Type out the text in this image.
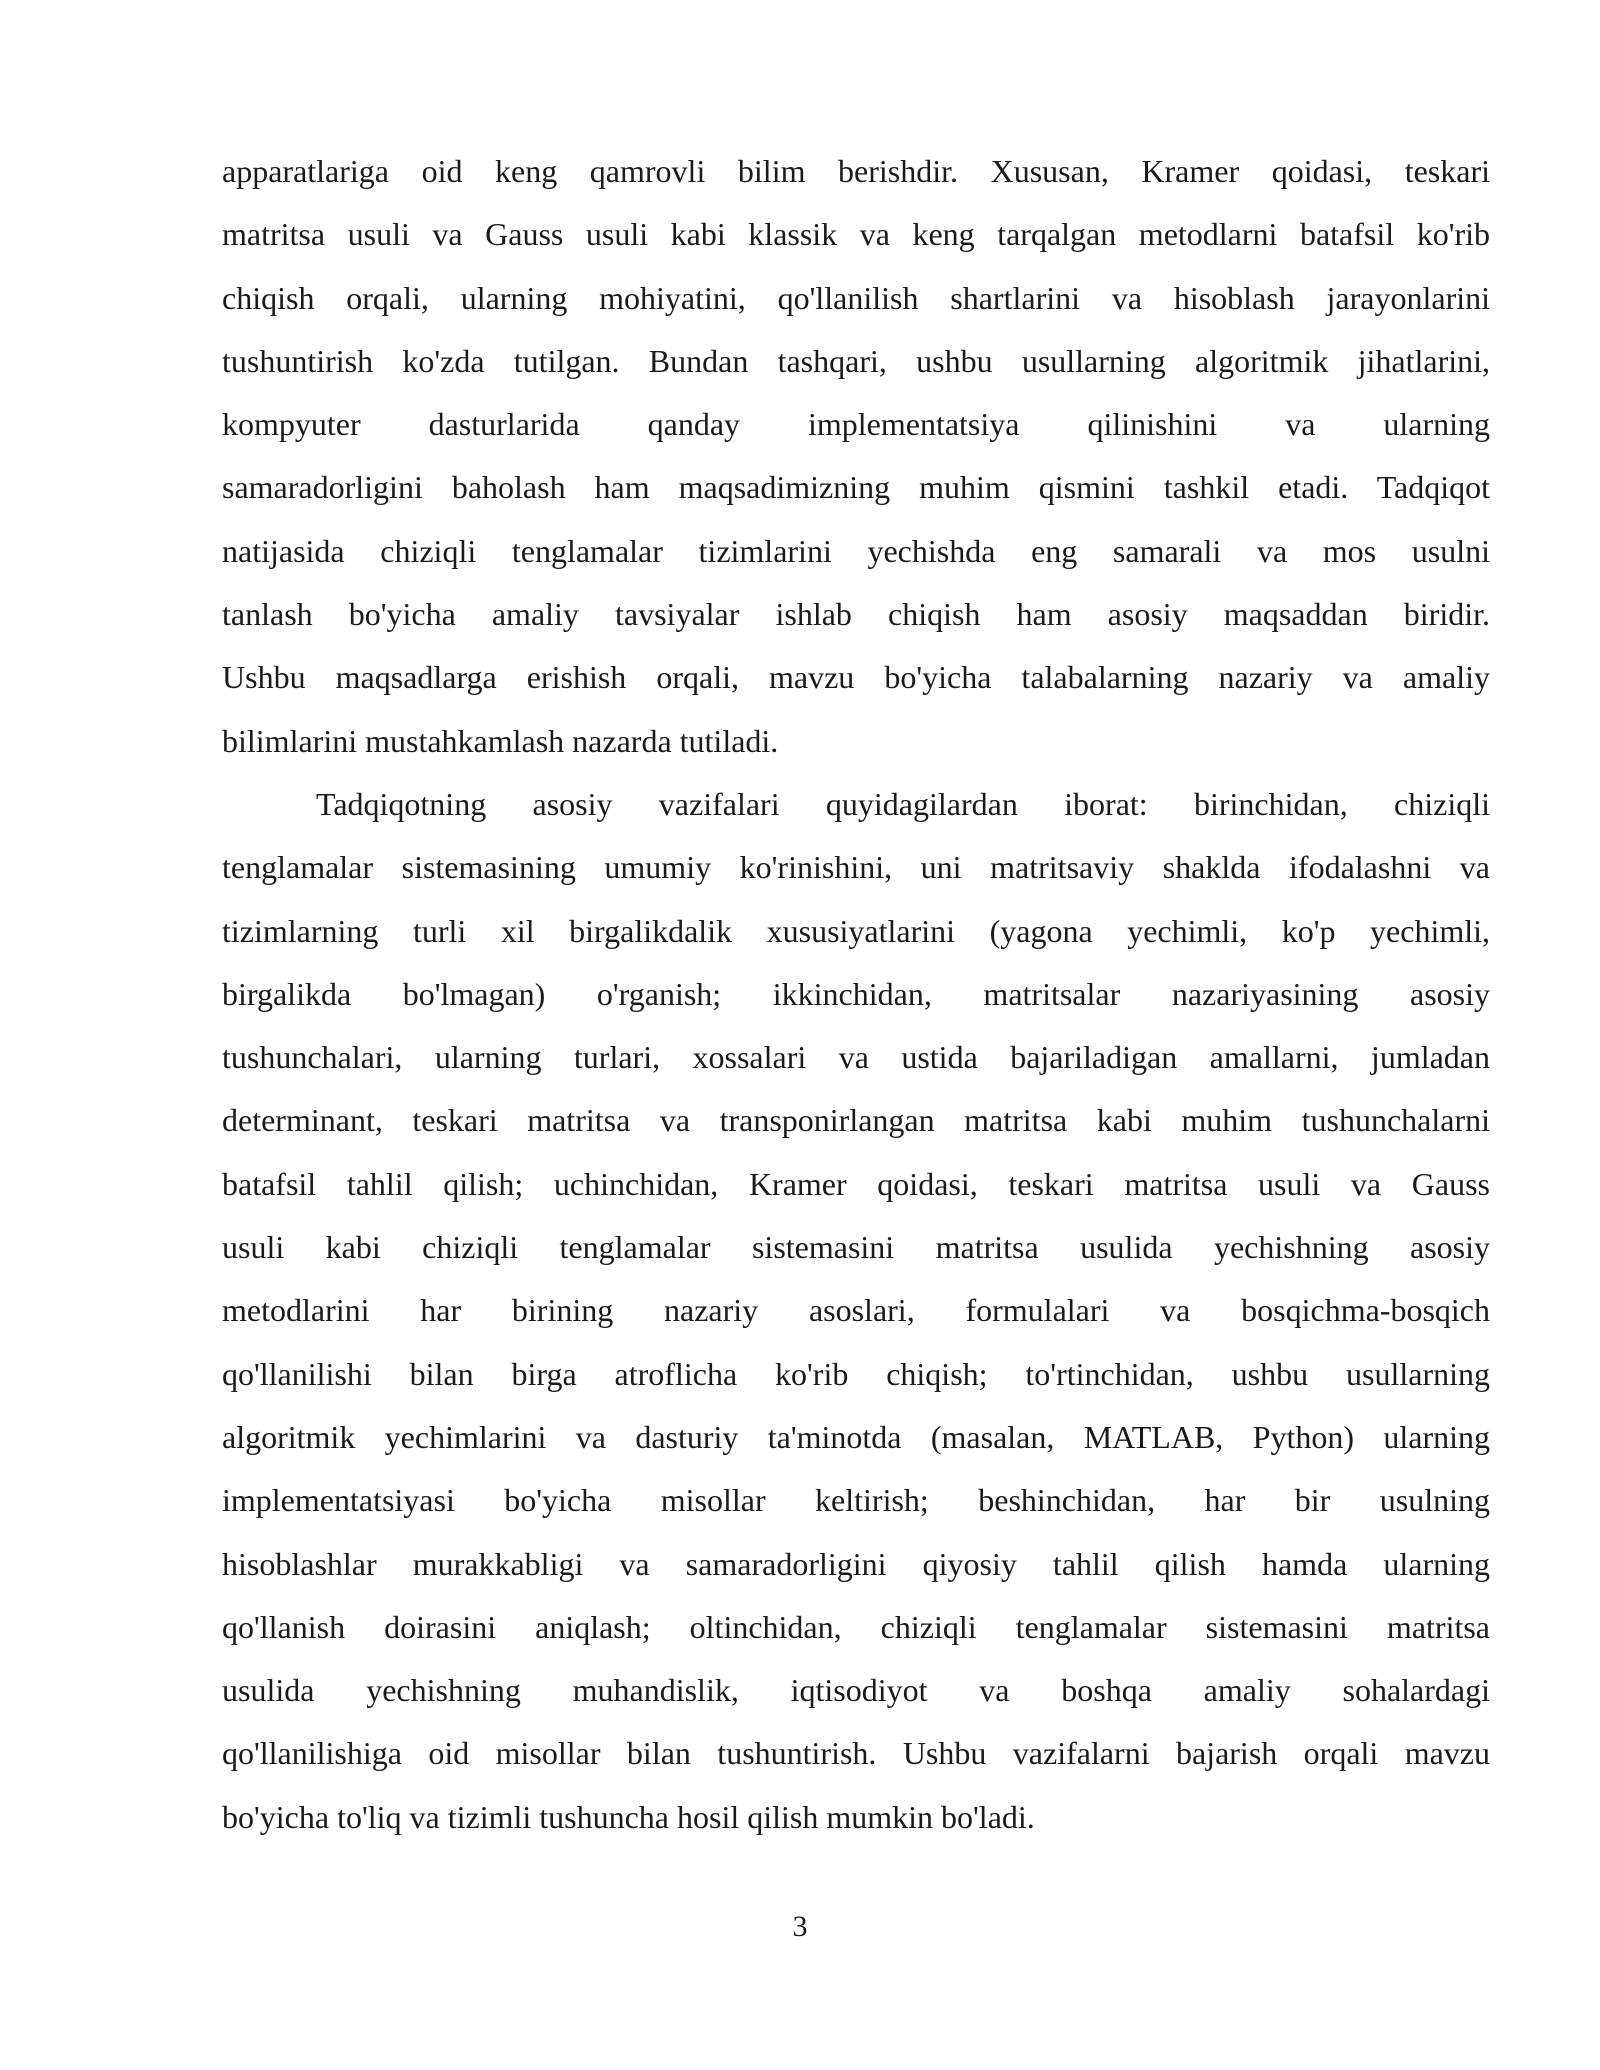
apparatlariga oid keng qamrovli bilim berishdir. Xususan, Kramer qoidasi, teskari
matritsa usuli va Gauss usuli kabi klassik va keng tarqalgan metodlarni batafsil ko'rib
chiqish orqali, ularning mohiyatini, qo'llanilish shartlarini va hisoblash jarayonlarini
tushuntirish ko'zda tutilgan. Bundan tashqari, ushbu usullarning algoritmik jihatlarini,
kompyuter dasturlarida qanday implementatsiya qilinishini va ularning
samaradorligini baholash ham maqsadimizning muhim qismini tashkil etadi. Tadqiqot
natijasida chiziqli tenglamalar tizimlarini yechishda eng samarali va mos usulni
tanlash bo'yicha amaliy tavsiyalar ishlab chiqish ham asosiy maqsaddan biridir.
Ushbu maqsadlarga erishish orqali, mavzu bo'yicha talabalarning nazariy va amaliy
bilimlarini mustahkamlash nazarda tutiladi.
Tadqiqotning asosiy vazifalari quyidagilardan iborat: birinchidan, chiziqli
tenglamalar sistemasining umumiy ko'rinishini, uni matritsaviy shaklda ifodalashni va
tizimlarning turli xil birgalikdalik xususiyatlarini (yagona yechimli, ko'p yechimli,
birgalikda bo'lmagan) o'rganish; ikkinchidan, matritsalar nazariyasining asosiy
tushunchalari, ularning turlari, xossalari va ustida bajariladigan amallarni, jumladan
determinant, teskari matritsa va transponirlangan matritsa kabi muhim tushunchalarni
batafsil tahlil qilish; uchinchidan, Kramer qoidasi, teskari matritsa usuli va Gauss
usuli kabi chiziqli tenglamalar sistemasini matritsa usulida yechishning asosiy
metodlarini har birining nazariy asoslari, formulalari va bosqichma-bosqich
qo'llanilishi bilan birga atroflicha ko'rib chiqish; to'rtinchidan, ushbu usullarning
algoritmik yechimlarini va dasturiy ta'minotda (masalan, MATLAB, Python) ularning
implementatsiyasi bo'yicha misollar keltirish; beshinchidan, har bir usulning
hisoblashlar murakkabligi va samaradorligini qiyosiy tahlil qilish hamda ularning
qo'llanish doirasini aniqlash; oltinchidan, chiziqli tenglamalar sistemasini matritsa
usulida yechishning muhandislik, iqtisodiyot va boshqa amaliy sohalardagi
qo'llanilishiga oid misollar bilan tushuntirish. Ushbu vazifalarni bajarish orqali mavzu
bo'yicha to'liq va tizimli tushuncha hosil qilish mumkin bo'ladi.
3
